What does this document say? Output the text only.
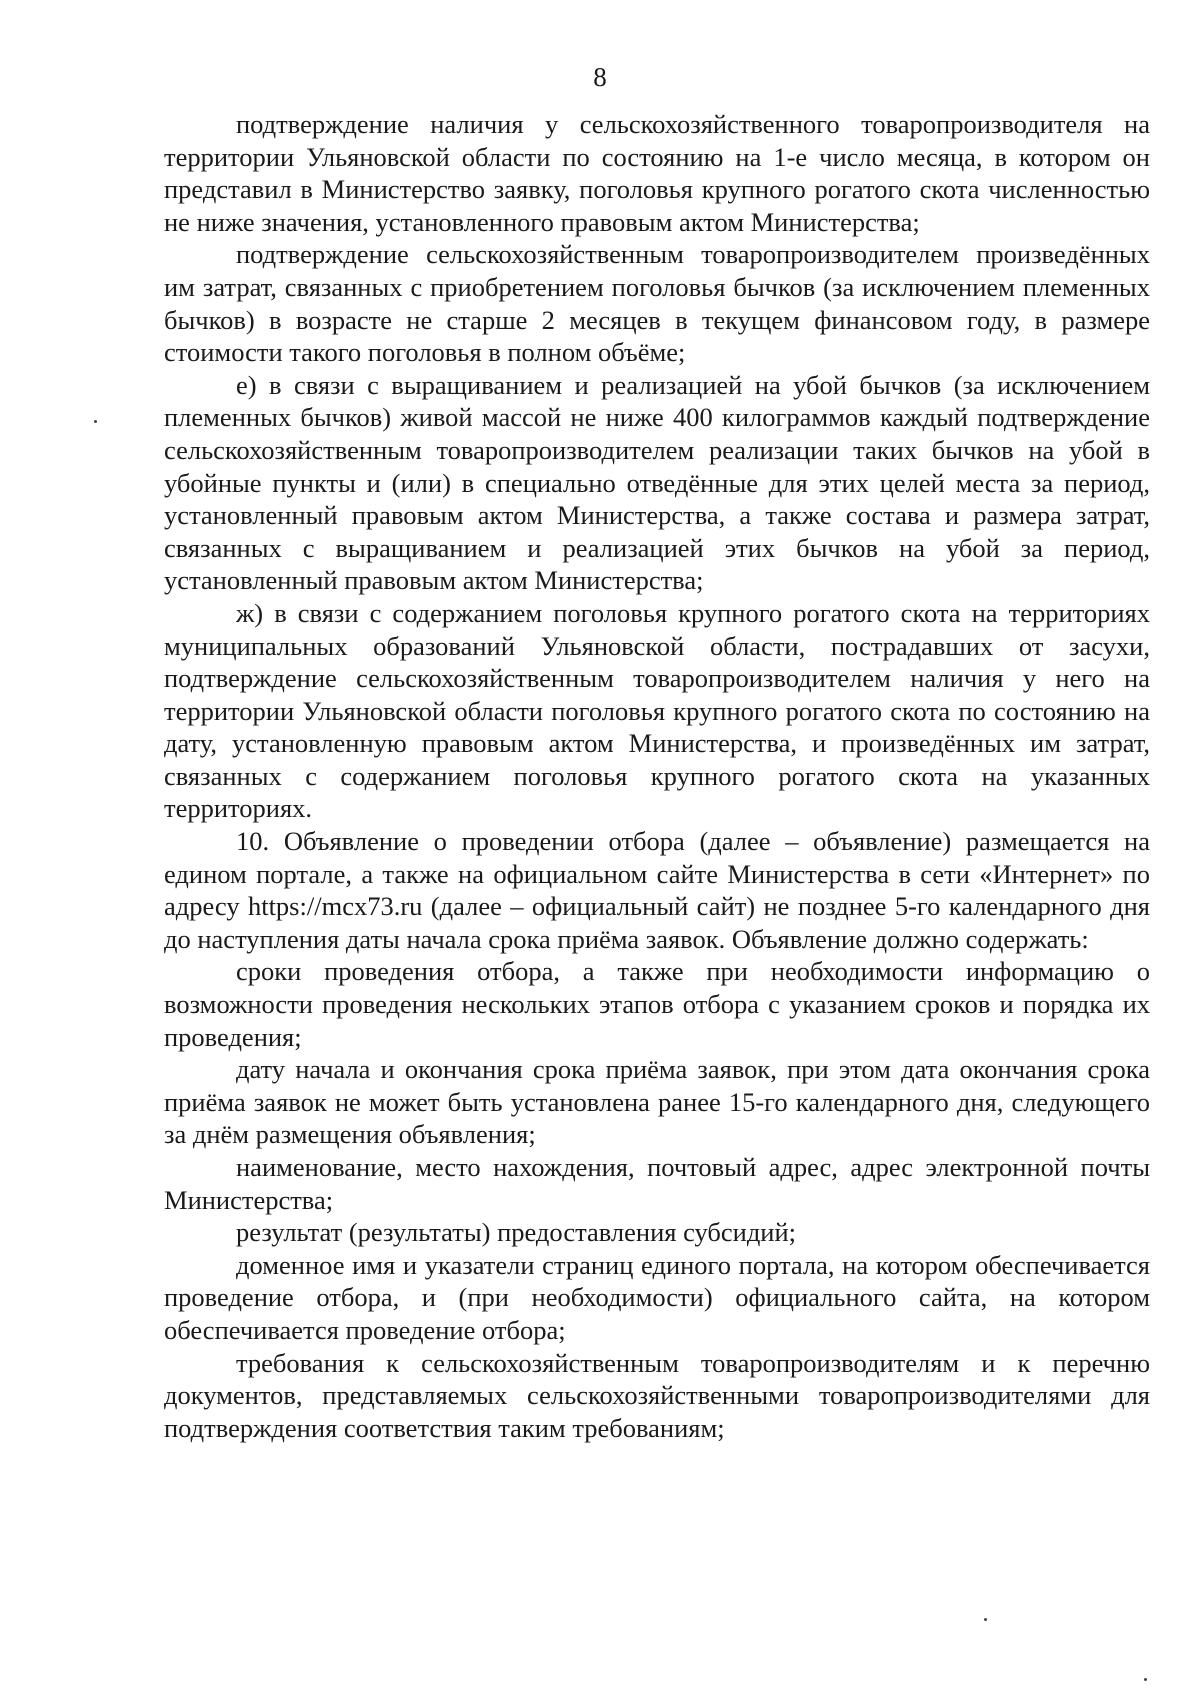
8

подтверждение наличия у сельскохозяйственного товаропроизводителя на территории Ульяновской области по состоянию на 1-е число месяца, в котором он представил в Министерство заявку, поголовья крупного рогатого скота численностью не ниже значения, установленного правовым актом Министерства;

подтверждение сельскохозяйственным товаропроизводителем произведённых им затрат, связанных с приобретением поголовья бычков (за исключением племенных бычков) в возрасте не старше 2 месяцев в текущем финансовом году, в размере стоимости такого поголовья в полном объёме;

е) в связи с выращиванием и реализацией на убой бычков (за исключением племенных бычков) живой массой не ниже 400 килограммов каждый подтверждение сельскохозяйственным товаропроизводителем реализации таких бычков на убой в убойные пункты и (или) в специально отведённые для этих целей места за период, установленный правовым актом Министерства, а также состава и размера затрат, связанных с выращиванием и реализацией этих бычков на убой за период, установленный правовым актом Министерства;

ж) в связи с содержанием поголовья крупного рогатого скота на территориях муниципальных образований Ульяновской области, пострадавших от засухи, подтверждение сельскохозяйственным товаропроизводителем наличия у него на территории Ульяновской области поголовья крупного рогатого скота по состоянию на дату, установленную правовым актом Министерства, и произведённых им затрат, связанных с содержанием поголовья крупного рогатого скота на указанных территориях.

10. Объявление о проведении отбора (далее – объявление) размещается на едином портале, а также на официальном сайте Министерства в сети «Интернет» по адресу https://mcx73.ru (далее – официальный сайт) не позднее 5-го календарного дня до наступления даты начала срока приёма заявок. Объявление должно содержать:

сроки проведения отбора, а также при необходимости информацию о возможности проведения нескольких этапов отбора с указанием сроков и порядка их проведения;

дату начала и окончания срока приёма заявок, при этом дата окончания срока приёма заявок не может быть установлена ранее 15-го календарного дня, следующего за днём размещения объявления;

наименование, место нахождения, почтовый адрес, адрес электронной почты Министерства;

результат (результаты) предоставления субсидий;

доменное имя и указатели страниц единого портала, на котором обеспечивается проведение отбора, и (при необходимости) официального сайта, на котором обеспечивается проведение отбора;

требования к сельскохозяйственным товаропроизводителям и к перечню документов, представляемых сельскохозяйственными товаропроизводителями для подтверждения соответствия таким требованиям;
